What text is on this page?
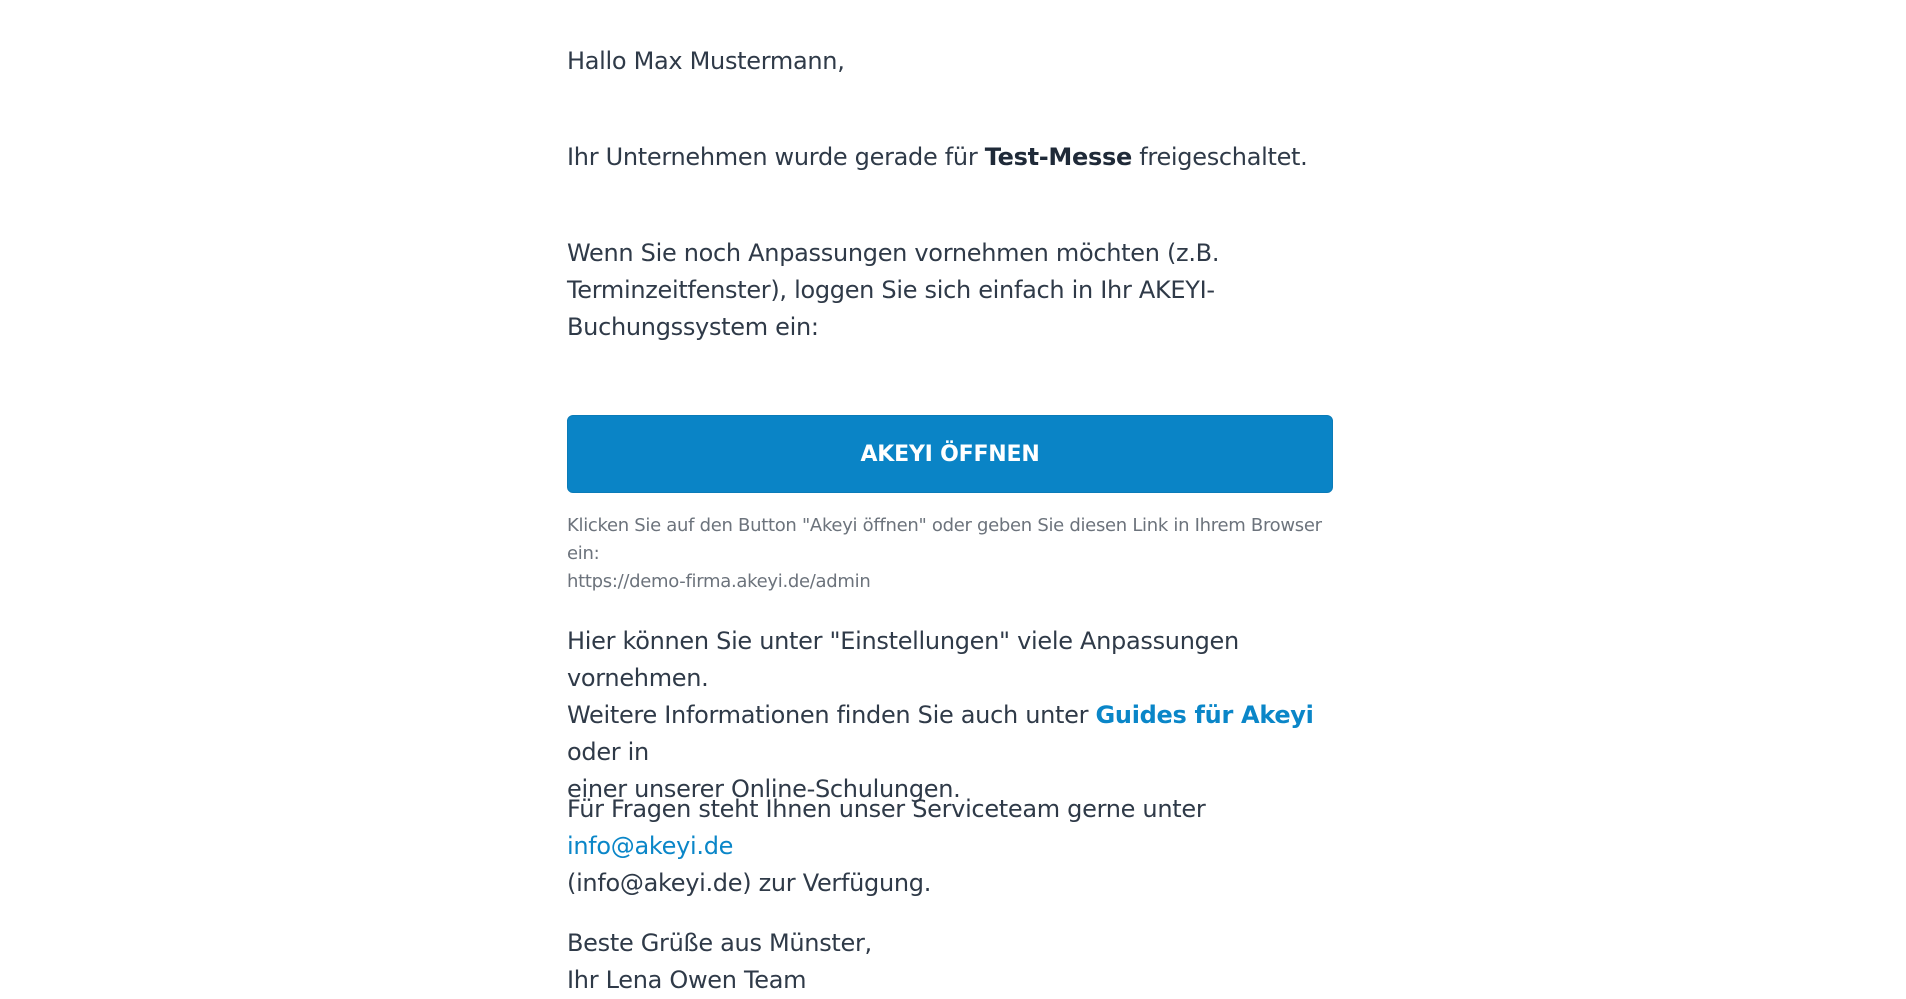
Hallo Max Mustermann,

Ihr Unternehmen wurde gerade für Test-Messe freigeschaltet.

Wenn Sie noch Anpassungen vornehmen möchten (z.B.
Terminzeitfenster), loggen Sie sich einfach in Ihr AKEYI-
Buchungssystem ein:
AKEYI ÖFFNEN
Klicken Sie auf den Button "Akeyi öffnen" oder geben Sie diesen Link in Ihrem Browser ein:
https://demo-firma.akeyi.de/admin
Hier können Sie unter "Einstellungen" viele Anpassungen vornehmen.
Weitere Informationen finden Sie auch unter Guides für Akeyi oder in
einer unserer Online-Schulungen.
Für Fragen steht Ihnen unser Serviceteam gerne unter info@akeyi.de
(info@akeyi.de) zur Verfügung.
Beste Grüße aus Münster,
Ihr Lena Owen Team
